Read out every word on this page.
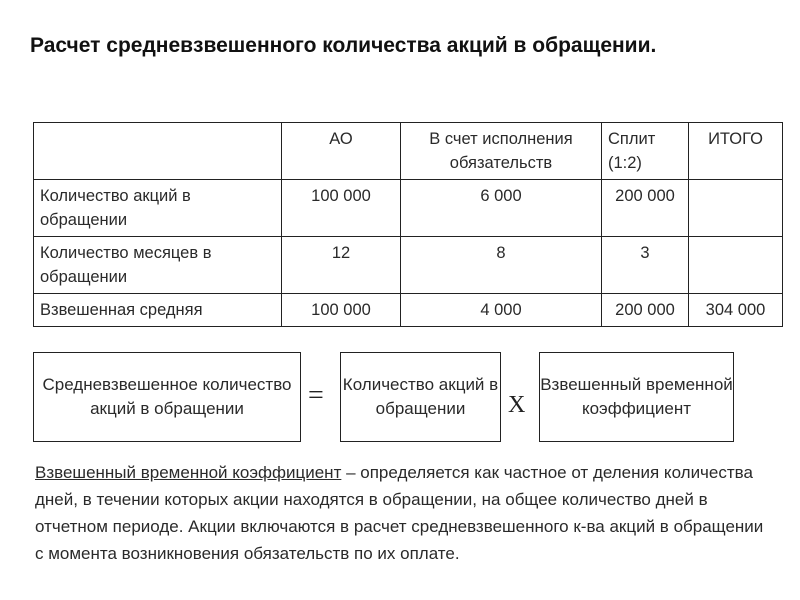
Расчет средневзвешенного количества акций в обращении.
	АО	В счет исполнения обязательств	Сплит (1:2)	ИТОГО
Количество акций в обращении	100 000	6 000	200 000	
Количество месяцев в обращении	12	8	3	
Взвешенная средняя	100 000	4 000	200 000	304 000
Средневзвешенное количество акций в обращении	= Количество акций в обращении	Х
Взвешенный временной коэффициент
Взвешенный временной коэффициент – определяется как частное от деления количества дней, в течении которых акции находятся в обращении, на общее количество дней в отчетном периоде. Акции включаются в расчет средневзвешенного к-ва акций в обращении с момента возникновения обязательств по их оплате.
